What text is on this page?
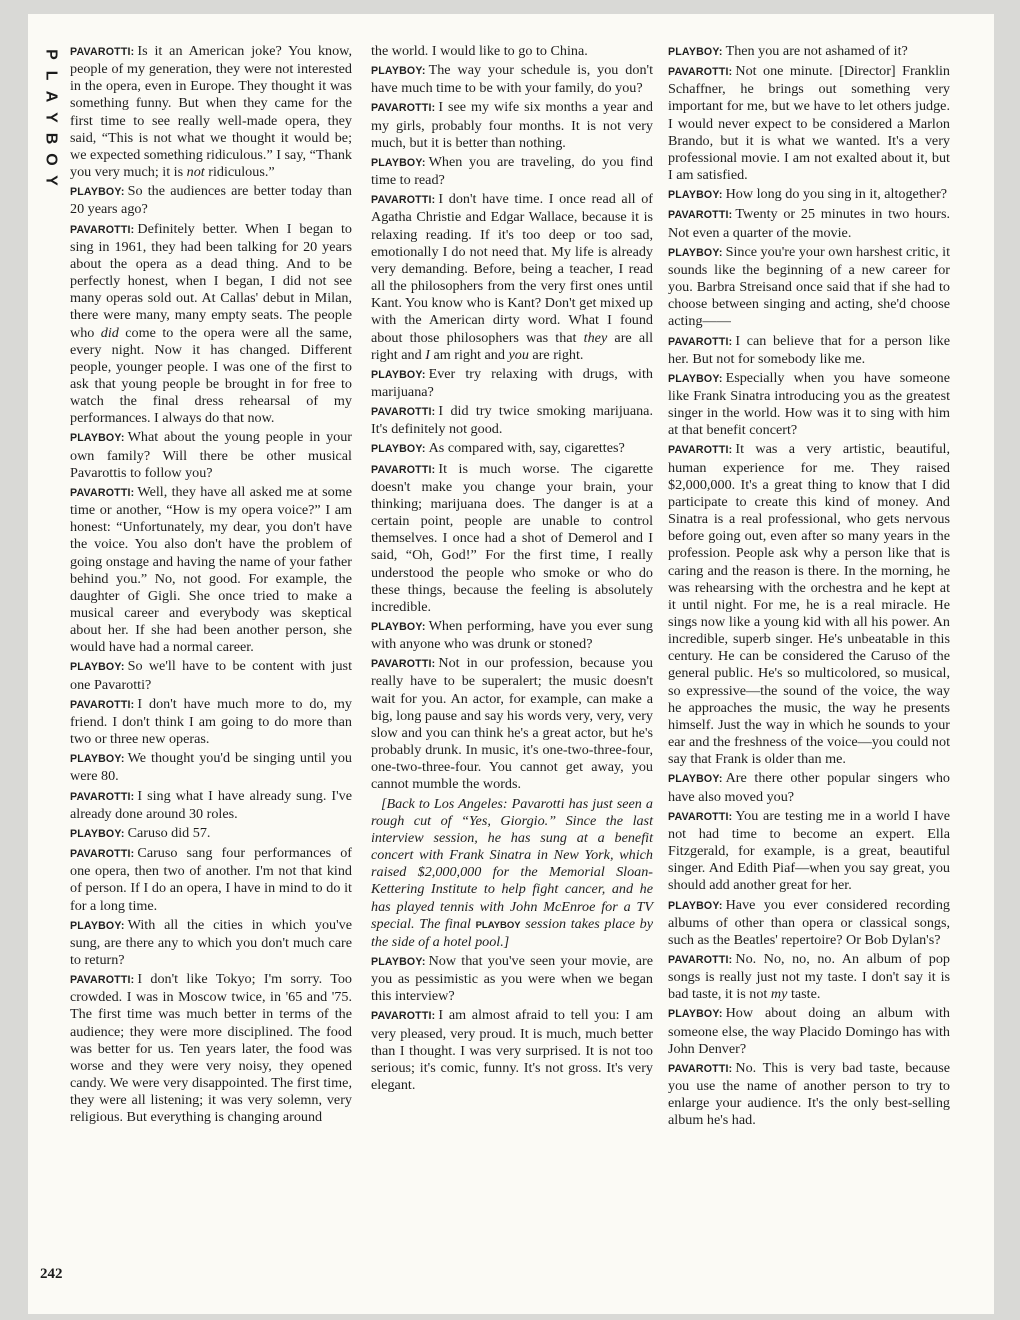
P
L
A
Y
B
O
Y
242

PAVAROTTI: Is it an American joke? You know, people of my generation, they were not interested in the opera, even in Europe. They thought it was something funny. But when they came for the first time to see really well-made opera, they said, “This is not what we thought it would be; we expected something ridiculous.” I say, “Thank you very much; it is not ridiculous.”

PLAYBOY: So the audiences are better today than 20 years ago?

PAVAROTTI: Definitely better. When I began to sing in 1961, they had been talking for 20 years about the opera as a dead thing. And to be perfectly honest, when I began, I did not see many operas sold out. At Callas' debut in Milan, there were many, many empty seats. The people who did come to the opera were all the same, every night. Now it has changed. Different people, younger people. I was one of the first to ask that young people be brought in for free to watch the final dress rehearsal of my performances. I always do that now.

PLAYBOY: What about the young people in your own family? Will there be other musical Pavarottis to follow you?

PAVAROTTI: Well, they have all asked me at some time or another, “How is my opera voice?” I am honest: “Unfortunately, my dear, you don't have the voice. You also don't have the problem of going onstage and having the name of your father behind you.” No, not good. For example, the daughter of Gigli. She once tried to make a musical career and everybody was skeptical about her. If she had been another person, she would have had a normal career.

PLAYBOY: So we'll have to be content with just one Pavarotti?

PAVAROTTI: I don't have much more to do, my friend. I don't think I am going to do more than two or three new operas.

PLAYBOY: We thought you'd be singing until you were 80.

PAVAROTTI: I sing what I have already sung. I've already done around 30 roles.

PLAYBOY: Caruso did 57.

PAVAROTTI: Caruso sang four performances of one opera, then two of another. I'm not that kind of person. If I do an opera, I have in mind to do it for a long time.

PLAYBOY: With all the cities in which you've sung, are there any to which you don't much care to return?

PAVAROTTI: I don't like Tokyo; I'm sorry. Too crowded. I was in Moscow twice, in '65 and '75. The first time was much better in terms of the audience; they were more disciplined. The food was better for us. Ten years later, the food was worse and they were very noisy, they opened candy. We were very disappointed. The first time, they were all listening; it was very solemn, very religious. But everything is changing around

the world. I would like to go to China.

PLAYBOY: The way your schedule is, you don't have much time to be with your family, do you?

PAVAROTTI: I see my wife six months a year and my girls, probably four months. It is not very much, but it is better than nothing.

PLAYBOY: When you are traveling, do you find time to read?

PAVAROTTI: I don't have time. I once read all of Agatha Christie and Edgar Wallace, because it is relaxing reading. If it's too deep or too sad, emotionally I do not need that. My life is already very demanding. Before, being a teacher, I read all the philosophers from the very first ones until Kant. You know who is Kant? Don't get mixed up with the American dirty word. What I found about those philosophers was that they are all right and I am right and you are right.

PLAYBOY: Ever try relaxing with drugs, with marijuana?

PAVAROTTI: I did try twice smoking marijuana. It's definitely not good.

PLAYBOY: As compared with, say, cigarettes?

PAVAROTTI: It is much worse. The cigarette doesn't make you change your brain, your thinking; marijuana does. The danger is at a certain point, people are unable to control themselves. I once had a shot of Demerol and I said, “Oh, God!” For the first time, I really understood the people who smoke or who do these things, because the feeling is absolutely incredible.

PLAYBOY: When performing, have you ever sung with anyone who was drunk or stoned?

PAVAROTTI: Not in our profession, because you really have to be superalert; the music doesn't wait for you. An actor, for example, can make a big, long pause and say his words very, very, very slow and you can think he's a great actor, but he's probably drunk. In music, it's one-two-three-four, one-two-three-four. You cannot get away, you cannot mumble the words.

[Back to Los Angeles: Pavarotti has just seen a rough cut of “Yes, Giorgio.” Since the last interview session, he has sung at a benefit concert with Frank Sinatra in New York, which raised $2,000,000 for the Memorial Sloan-Kettering Institute to help fight cancer, and he has played tennis with John McEnroe for a TV special. The final PLAYBOY session takes place by the side of a hotel pool.]

PLAYBOY: Now that you've seen your movie, are you as pessimistic as you were when we began this interview?

PAVAROTTI: I am almost afraid to tell you: I am very pleased, very proud. It is much, much better than I thought. I was very surprised. It is not too serious; it's comic, funny. It's not gross. It's very elegant.

PLAYBOY: Then you are not ashamed of it?

PAVAROTTI: Not one minute. [Director] Franklin Schaffner, he brings out something very important for me, but we have to let others judge. I would never expect to be considered a Marlon Brando, but it is what we wanted. It's a very professional movie. I am not exalted about it, but I am satisfied.

PLAYBOY: How long do you sing in it, altogether?

PAVAROTTI: Twenty or 25 minutes in two hours. Not even a quarter of the movie.

PLAYBOY: Since you're your own harshest critic, it sounds like the beginning of a new career for you. Barbra Streisand once said that if she had to choose between singing and acting, she'd choose acting——

PAVAROTTI: I can believe that for a person like her. But not for somebody like me.

PLAYBOY: Especially when you have someone like Frank Sinatra introducing you as the greatest singer in the world. How was it to sing with him at that benefit concert?

PAVAROTTI: It was a very artistic, beautiful, human experience for me. They raised $2,000,000. It's a great thing to know that I did participate to create this kind of money. And Sinatra is a real professional, who gets nervous before going out, even after so many years in the profession. People ask why a person like that is caring and the reason is there. In the morning, he was rehearsing with the orchestra and he kept at it until night. For me, he is a real miracle. He sings now like a young kid with all his power. An incredible, superb singer. He's unbeatable in this century. He can be considered the Caruso of the general public. He's so multicolored, so musical, so expressive—the sound of the voice, the way he approaches the music, the way he presents himself. Just the way in which he sounds to your ear and the freshness of the voice—you could not say that Frank is older than me.

PLAYBOY: Are there other popular singers who have also moved you?

PAVAROTTI: You are testing me in a world I have not had time to become an expert. Ella Fitzgerald, for example, is a great, beautiful singer. And Edith Piaf—when you say great, you should add another great for her.

PLAYBOY: Have you ever considered recording albums of other than opera or classical songs, such as the Beatles' repertoire? Or Bob Dylan's?

PAVAROTTI: No. No, no, no. An album of pop songs is really just not my taste. I don't say it is bad taste, it is not my taste.

PLAYBOY: How about doing an album with someone else, the way Placido Domingo has with John Denver?

PAVAROTTI: No. This is very bad taste, because you use the name of another person to try to enlarge your audience. It's the only best-selling album he's had.
